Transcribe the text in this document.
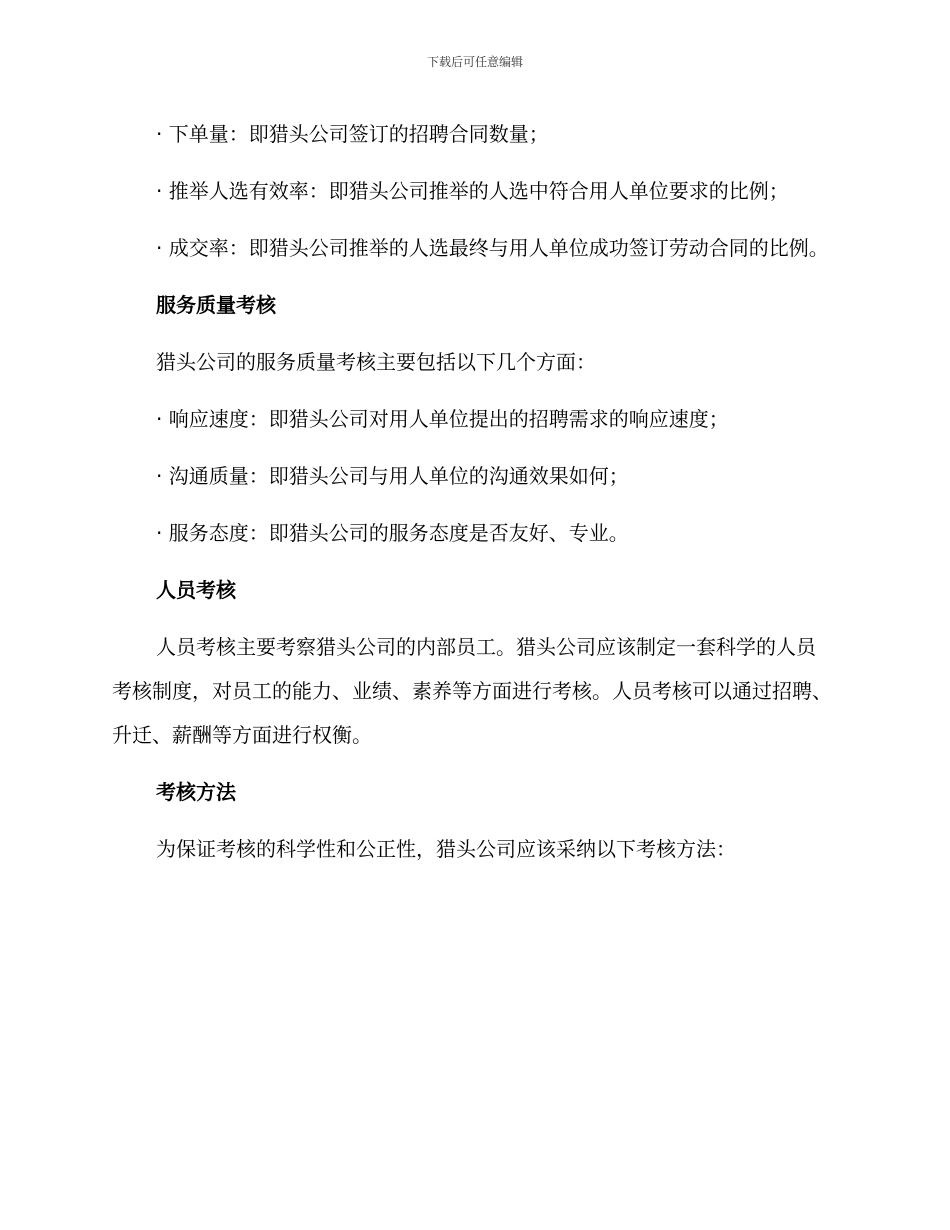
下载后可任意编辑

· 下单量：即猎头公司签订的招聘合同数量；

· 推举人选有效率：即猎头公司推举的人选中符合用人单位要求的比例；

· 成交率：即猎头公司推举的人选最终与用人单位成功签订劳动合同的比例。

服务质量考核

猎头公司的服务质量考核主要包括以下几个方面：

· 响应速度：即猎头公司对用人单位提出的招聘需求的响应速度；

· 沟通质量：即猎头公司与用人单位的沟通效果如何；

· 服务态度：即猎头公司的服务态度是否友好、专业。

人员考核

人员考核主要考察猎头公司的内部员工。猎头公司应该制定一套科学的人员考核制度，对员工的能力、业绩、素养等方面进行考核。人员考核可以通过招聘、升迁、薪酬等方面进行权衡。

考核方法

为保证考核的科学性和公正性，猎头公司应该采纳以下考核方法：
